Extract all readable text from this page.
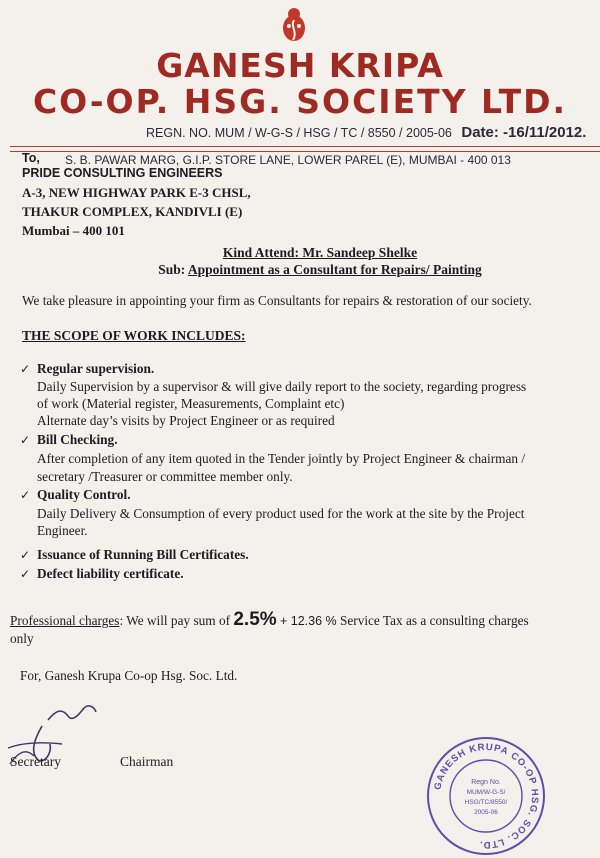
GANESH KRIPA
CO-OP. HSG. SOCIETY LTD.
REGN. NO. MUM / W-G-S / HSG / TC / 8550 / 2005-06 Date: -16/11/2012.
To, S. B. PAWAR MARG, G.I.P. STORE LANE, LOWER PAREL (E), MUMBAI - 400 013
PRIDE CONSULTING ENGINEERS
A-3, NEW HIGHWAY PARK E-3 CHSL,
THAKUR COMPLEX, KANDIVLI (E)
Mumbai – 400 101
Kind Attend: Mr. Sandeep Shelke
Sub: Appointment as a Consultant for Repairs/ Painting
We take pleasure in appointing your firm as Consultants for repairs & restoration of our society.
THE SCOPE OF WORK INCLUDES:
✓ Regular supervision.
Daily Supervision by a supervisor & will give daily report to the society, regarding progress
of work (Material register, Measurements, Complaint etc)
Alternate day’s visits by Project Engineer or as required
✓ Bill Checking.
After completion of any item quoted in the Tender jointly by Project Engineer & chairman /
secretary /Treasurer or committee member only.
✓ Quality Control.
Daily Delivery & Consumption of every product used for the work at the site by the Project
Engineer.
✓ Issuance of Running Bill Certificates.
✓ Defect liability certificate.
Professional charges: We will pay sum of 2.5% + 12.36 % Service Tax as a consulting charges
only
For, Ganesh Krupa Co-op Hsg. Soc. Ltd.
Secretary	Chairman
GANESH KRUPA CO-OP HSG. SOC. LTD.
Regn No.
MUM/W-G-S/
HSG/TC/8550/
2005-06
